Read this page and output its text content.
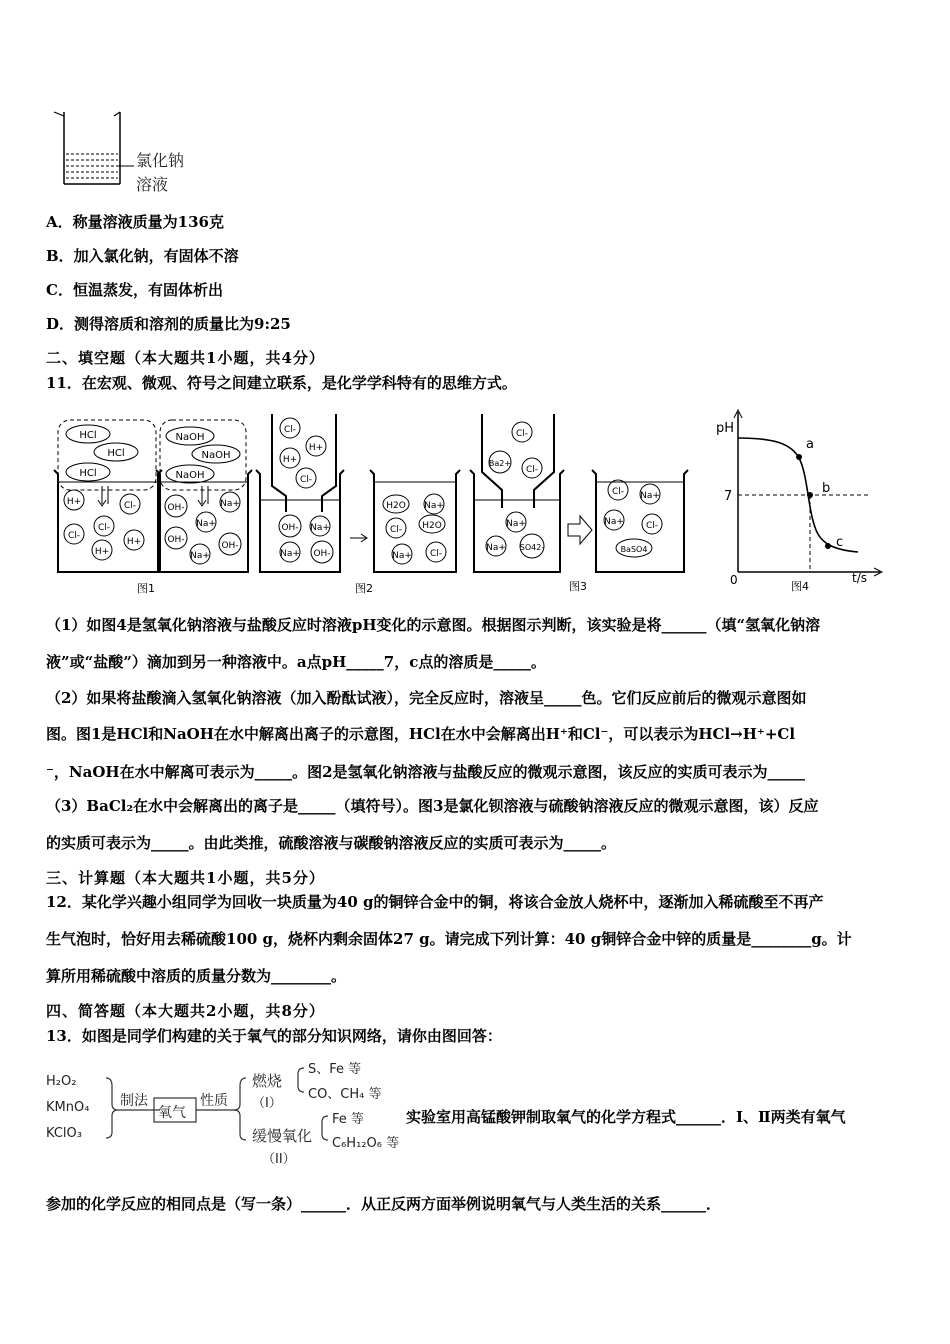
氯化钠
溶液
A．称量溶液质量为136克
B．加入氯化钠，有固体不溶
C．恒温蒸发，有固体析出
D．测得溶质和溶剂的质量比为9:25
二、填空题（本大题共1小题，共4分）
11．在宏观、微观、符号之间建立联系，是化学学科特有的思维方式。
HCl
HCl
HCl
NaOH
NaOH
NaOH
H+	Cl-
Cl-
Cl-
H+
H+
OH-	Na+
Na+
OH-
OH-
Na+
图1
Cl-
H+
H+
Cl-
OH- Na+
Na+ OH-
H2O Na+
Cl- H2O
Na+ Cl-
图2
Cl-
Ba2+
Cl-
Na+
Na+ SO42-
Cl- Na+
Na+ Cl-
BaSO4
图3
pH
7
0	t/s
a
b
c
图4
（1）如图4是氢氧化钠溶液与盐酸反应时溶液pH变化的示意图。根据图示判断，该实验是将______（填“氢氧化钠溶
液”或“盐酸”）滴加到另一种溶液中。a点pH_____7，c点的溶质是_____。
（2）如果将盐酸滴入氢氧化钠溶液（加入酚酞试液），完全反应时，溶液呈_____色。它们反应前后的微观示意图如
图。图1是HCl和NaOH在水中解离出离子的示意图，HCl在水中会解离出H⁺和Cl⁻，可以表示为HCl→H⁺+Cl
⁻，NaOH在水中解离可表示为_____。图2是氢氧化钠溶液与盐酸反应的微观示意图，该反应的实质可表示为_____
（3）BaCl₂在水中会解离出的离子是_____（填符号）。图3是氯化钡溶液与硫酸钠溶液反应的微观示意图，该）反应
的实质可表示为_____。由此类推，硫酸溶液与碳酸钠溶液反应的实质可表示为_____。
三、计算题（本大题共1小题，共5分）
12．某化学兴趣小组同学为回收一块质量为40 g的铜锌合金中的铜，将该合金放人烧杯中，逐渐加入稀硫酸至不再产
生气泡时，恰好用去稀硫酸100 g，烧杯内剩余固体27 g。请完成下列计算：40 g铜锌合金中锌的质量是________g。计
算所用稀硫酸中溶质的质量分数为________。
四、简答题（本大题共2小题，共8分）
13．如图是同学们构建的关于氧气的部分知识网络，请你由图回答：
H₂O₂
KMnO₄
KClO₃
制法
氧气
性质
燃烧
（I）
S、Fe 等
CO、CH₄ 等
缓慢氧化
（II）
Fe 等
C₆H₁₂O₆ 等
实验室用高锰酸钾制取氧气的化学方程式______．I、Ⅱ两类有氧气
参加的化学反应的相同点是（写一条）______．从正反两方面举例说明氧气与人类生活的关系______．
